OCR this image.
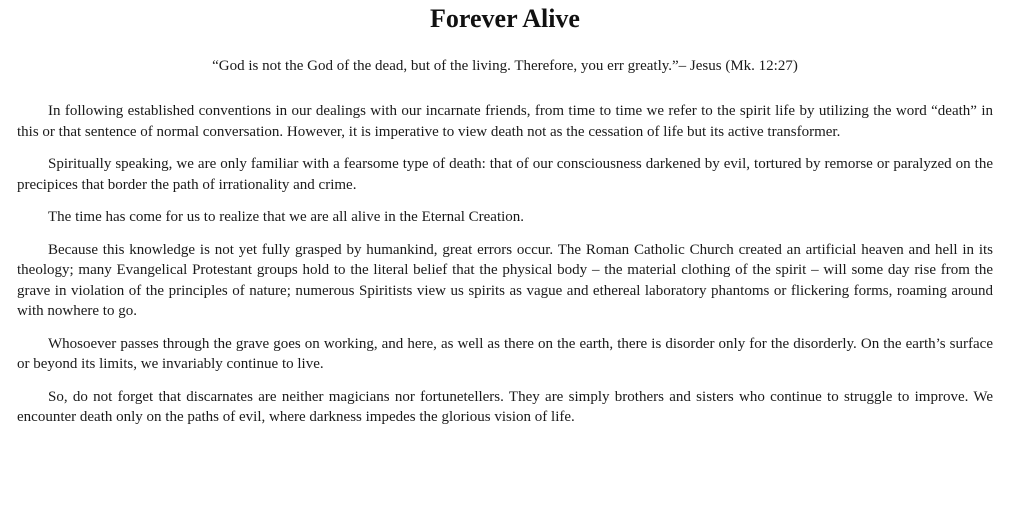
Forever Alive

“God is not the God of the dead, but of the living. Therefore, you err greatly.”– Jesus (Mk. 12:27)

In following established conventions in our dealings with our incarnate friends, from time to time we refer to the spirit life by utilizing the word “death” in this or that sentence of normal conversation. However, it is imperative to view death not as the cessation of life but its active transformer.

Spiritually speaking, we are only familiar with a fearsome type of death: that of our consciousness darkened by evil, tortured by remorse or paralyzed on the precipices that border the path of irrationality and crime.

The time has come for us to realize that we are all alive in the Eternal Creation.

Because this knowledge is not yet fully grasped by humankind, great errors occur. The Roman Catholic Church created an artificial heaven and hell in its theology; many Evangelical Protestant groups hold to the literal belief that the physical body – the material clothing of the spirit – will some day rise from the grave in violation of the principles of nature; numerous Spiritists view us spirits as vague and ethereal laboratory phantoms or flickering forms, roaming around with nowhere to go.

Whosoever passes through the grave goes on working, and here, as well as there on the earth, there is disorder only for the disorderly. On the earth’s surface or beyond its limits, we invariably continue to live.

So, do not forget that discarnates are neither magicians nor fortunetellers. They are simply brothers and sisters who continue to struggle to improve. We encounter death only on the paths of evil, where darkness impedes the glorious vision of life.
